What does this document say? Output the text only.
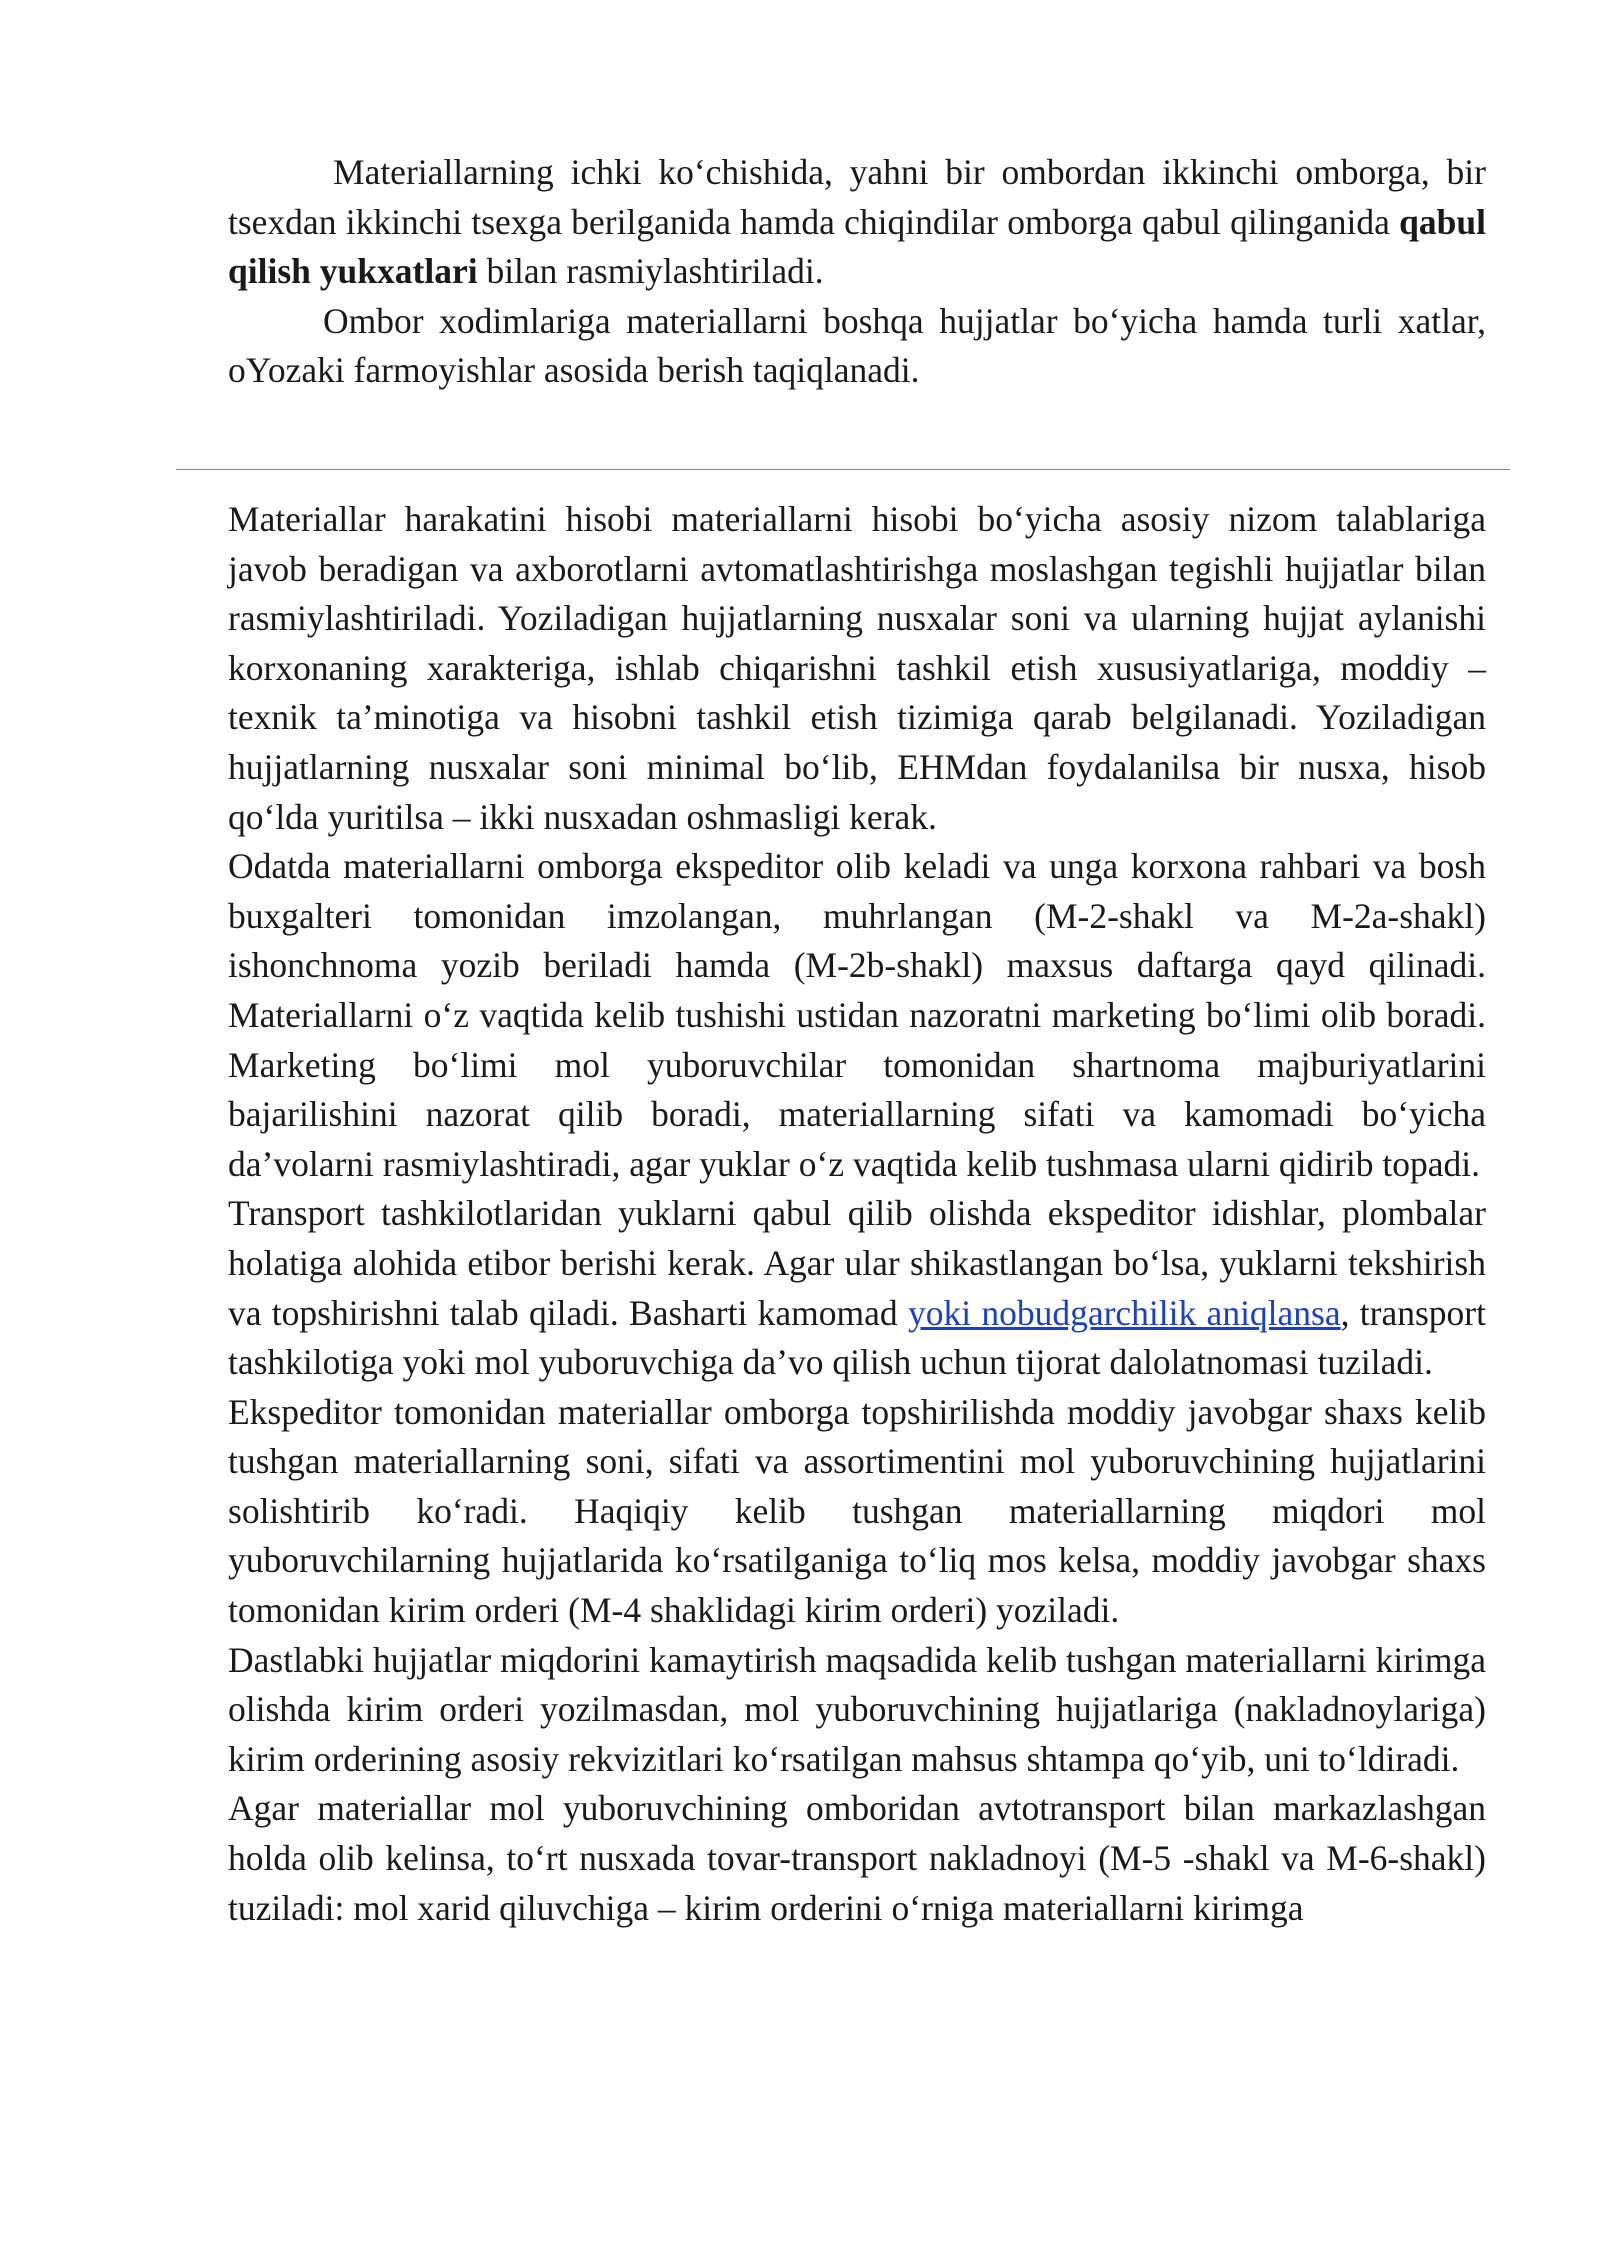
Materiallarning ichki ko‘chishida, yahni bir ombordan ikkinchi omborga, bir tsexdan ikkinchi tsexga berilganida hamda chiqindilar omborga qabul qilinganida qabul qilish yukxatlari bilan rasmiylashtiriladi.

Ombor xodimlariga materiallarni boshqa hujjatlar bo‘yicha hamda turli xatlar, oYozaki farmoyishlar asosida berish taqiqlanadi.

Materiallar harakatini hisobi materiallarni hisobi bo‘yicha asosiy nizom talablariga javob beradigan va axborotlarni avtomatlashtirishga moslashgan tegishli hujjatlar bilan rasmiylashtiriladi. Yoziladigan hujjatlarning nusxalar soni va ularning hujjat aylanishi korxonaning xarakteriga, ishlab chiqarishni tashkil etish xususiyatlariga, moddiy – texnik ta’minotiga va hisobni tashkil etish tizimiga qarab belgilanadi. Yoziladigan hujjatlarning nusxalar soni minimal bo‘lib, EHMdan foydalanilsa bir nusxa, hisob qo‘lda yuritilsa – ikki nusxadan oshmasligi kerak.

Odatda materiallarni omborga ekspeditor olib keladi va unga korxona rahbari va bosh buxgalteri tomonidan imzolangan, muhrlangan (M-2-shakl va M-2a-shakl) ishonchnoma yozib beriladi hamda (M-2b-shakl) maxsus daftarga qayd qilinadi. Materiallarni o‘z vaqtida kelib tushishi ustidan nazoratni marketing bo‘limi olib boradi. Marketing bo‘limi mol yuboruvchilar tomonidan shartnoma majburiyatlarini bajarilishini nazorat qilib boradi, materiallarning sifati va kamomadi bo‘yicha da’volarni rasmiylashtiradi, agar yuklar o‘z vaqtida kelib tushmasa ularni qidirib topadi.

Transport tashkilotlaridan yuklarni qabul qilib olishda ekspeditor idishlar, plombalar holatiga alohida etibor berishi kerak. Agar ular shikastlangan bo‘lsa, yuklarni tekshirish va topshirishni talab qiladi. Basharti kamomad yoki nobudgarchilik aniqlansa, transport tashkilotiga yoki mol yuboruvchiga da’vo qilish uchun tijorat dalolatnomasi tuziladi.

Ekspeditor tomonidan materiallar omborga topshirilishda moddiy javobgar shaxs kelib tushgan materiallarning soni, sifati va assortimentini mol yuboruvchining hujjatlarini solishtirib ko‘radi. Haqiqiy kelib tushgan materiallarning miqdori mol yuboruvchilarning hujjatlarida ko‘rsatilganiga to‘liq mos kelsa, moddiy javobgar shaxs tomonidan kirim orderi (M-4 shaklidagi kirim orderi) yoziladi.

Dastlabki hujjatlar miqdorini kamaytirish maqsadida kelib tushgan materiallarni kirimga olishda kirim orderi yozilmasdan, mol yuboruvchining hujjatlariga (nakladnoylariga) kirim orderining asosiy rekvizitlari ko‘rsatilgan mahsus shtampa qo‘yib, uni to‘ldiradi.

Agar materiallar mol yuboruvchining omboridan avtotransport bilan markazlashgan holda olib kelinsa, to‘rt nusxada tovar-transport nakladnoyi (M-5 -shakl va M-6-shakl) tuziladi: mol xarid qiluvchiga – kirim orderini o‘rniga materiallarni kirimga
